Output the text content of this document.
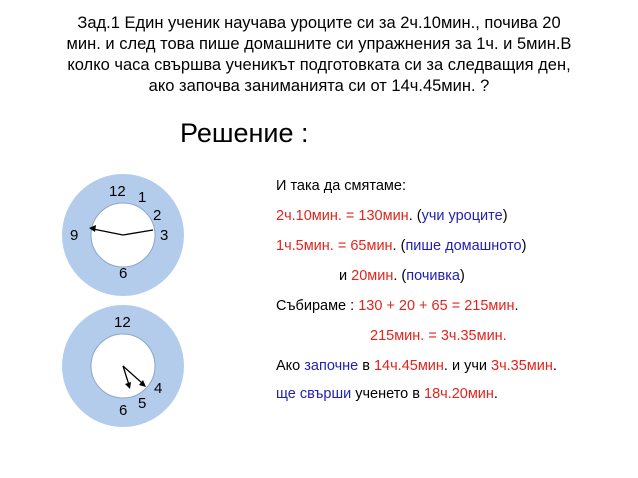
Зад.1 Един ученик научава уроците си за 2ч.10мин., почива 20
мин. и след това пише домашните си упражнения за 1ч. и 5мин.В
колко часа свършва ученикът подготовката си за следващия ден,
ако започва заниманията си от 14ч.45мин. ?
Решение :
12 1
2
9	3
6
12
4
5
6
И така да смятаме:
2ч.10мин. = 130мин. (учи уроците)
1ч.5мин. = 65мин. (пише домашното)
и 20мин. (почивка)
Събираме : 130 + 20 + 65 = 215мин.
215мин. = 3ч.35мин.
Ако започне в 14ч.45мин. и учи 3ч.35мин.
ще свърши ученето в 18ч.20мин.
